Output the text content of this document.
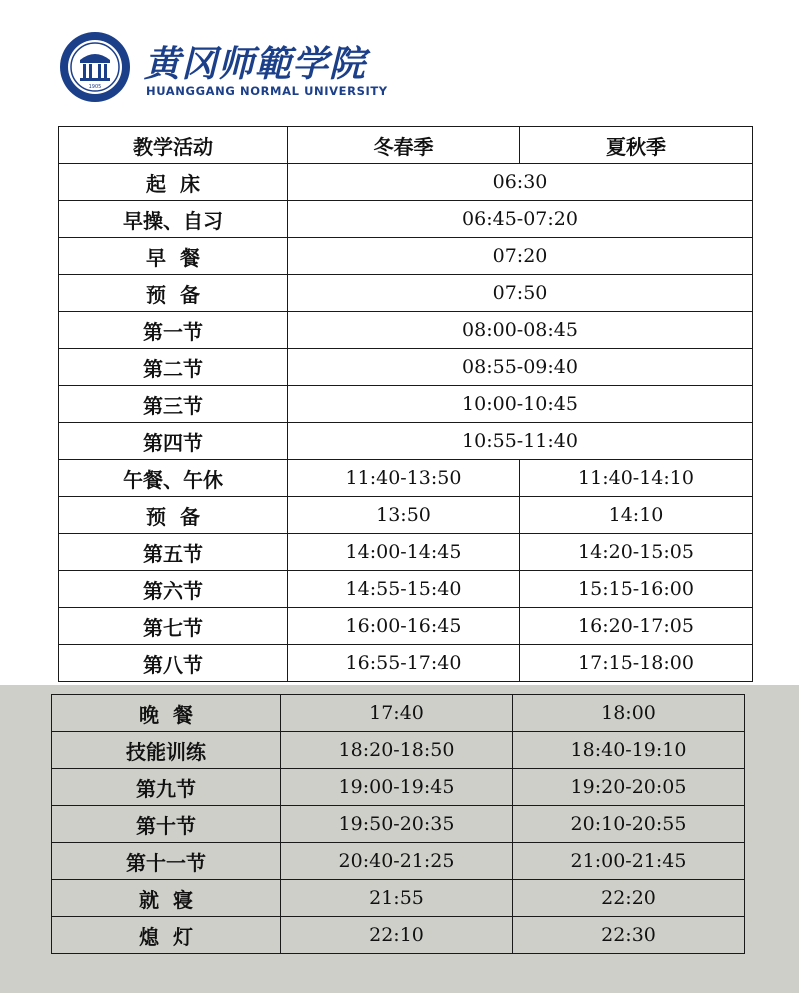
1905
黄冈师範学院
HUANGGANG NORMAL UNIVERSITY
教学活动	冬春季	夏秋季
起  床	06:30	
早操、自习	06:45-07:20	
早  餐	07:20	
预  备	07:50	
第一节	08:00-08:45	
第二节	08:55-09:40	
第三节	10:00-10:45	
第四节	10:55-11:40	
午餐、午休	11:40-13:50	11:40-14:10
预  备	13:50	14:10
第五节	14:00-14:45	14:20-15:05
第六节	14:55-15:40	15:15-16:00
第七节	16:00-16:45	16:20-17:05
第八节	16:55-17:40	17:15-18:00
晚  餐	17:40	18:00
技能训练	18:20-18:50	18:40-19:10
第九节	19:00-19:45	19:20-20:05
第十节	19:50-20:35	20:10-20:55
第十一节	20:40-21:25	21:00-21:45
就  寝	21:55	22:20
熄  灯	22:10	22:30
